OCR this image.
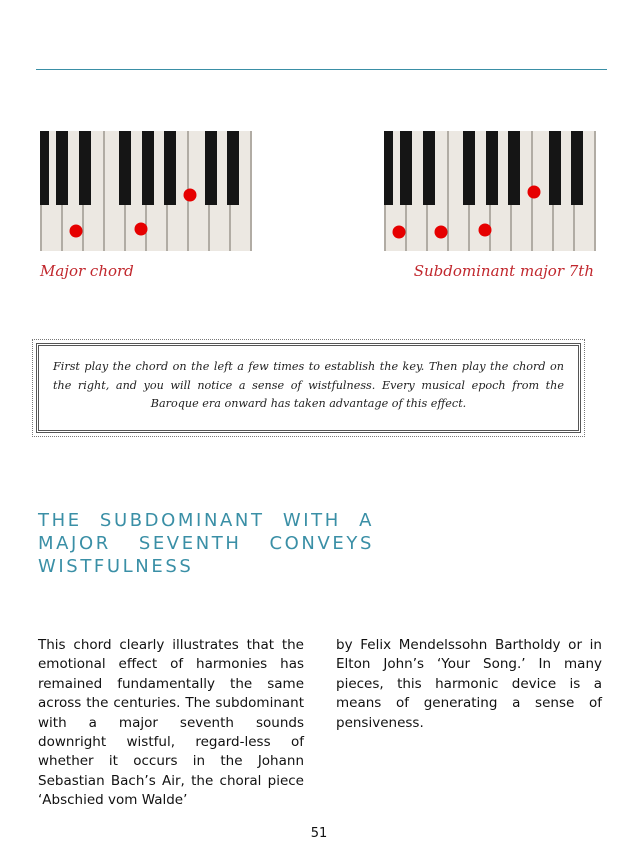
Major chord	Subdominant major 7th
First play the chord on the left a few times to establish the key. Then play the chord on the right, and you will notice a sense of wistfulness. Every musical epoch from the Baroque era onward has taken advantage of this effect.
THE SUBDOMINANT WITH A MAJOR SEVENTH CONVEYS WISTFULNESS

This chord clearly illustrates that the emotional effect of harmonies has remained fundamentally the same across the centuries. The subdominant with a major seventh sounds downright wistful, regard-less of whether it occurs in the Johann Sebastian Bach’s Air, the choral piece ‘Abschied vom Walde’

by Felix Mendelssohn Bartholdy or in Elton John’s ‘Your Song.’ In many pieces, this harmonic device is a means of generating a sense of pensiveness.

51
